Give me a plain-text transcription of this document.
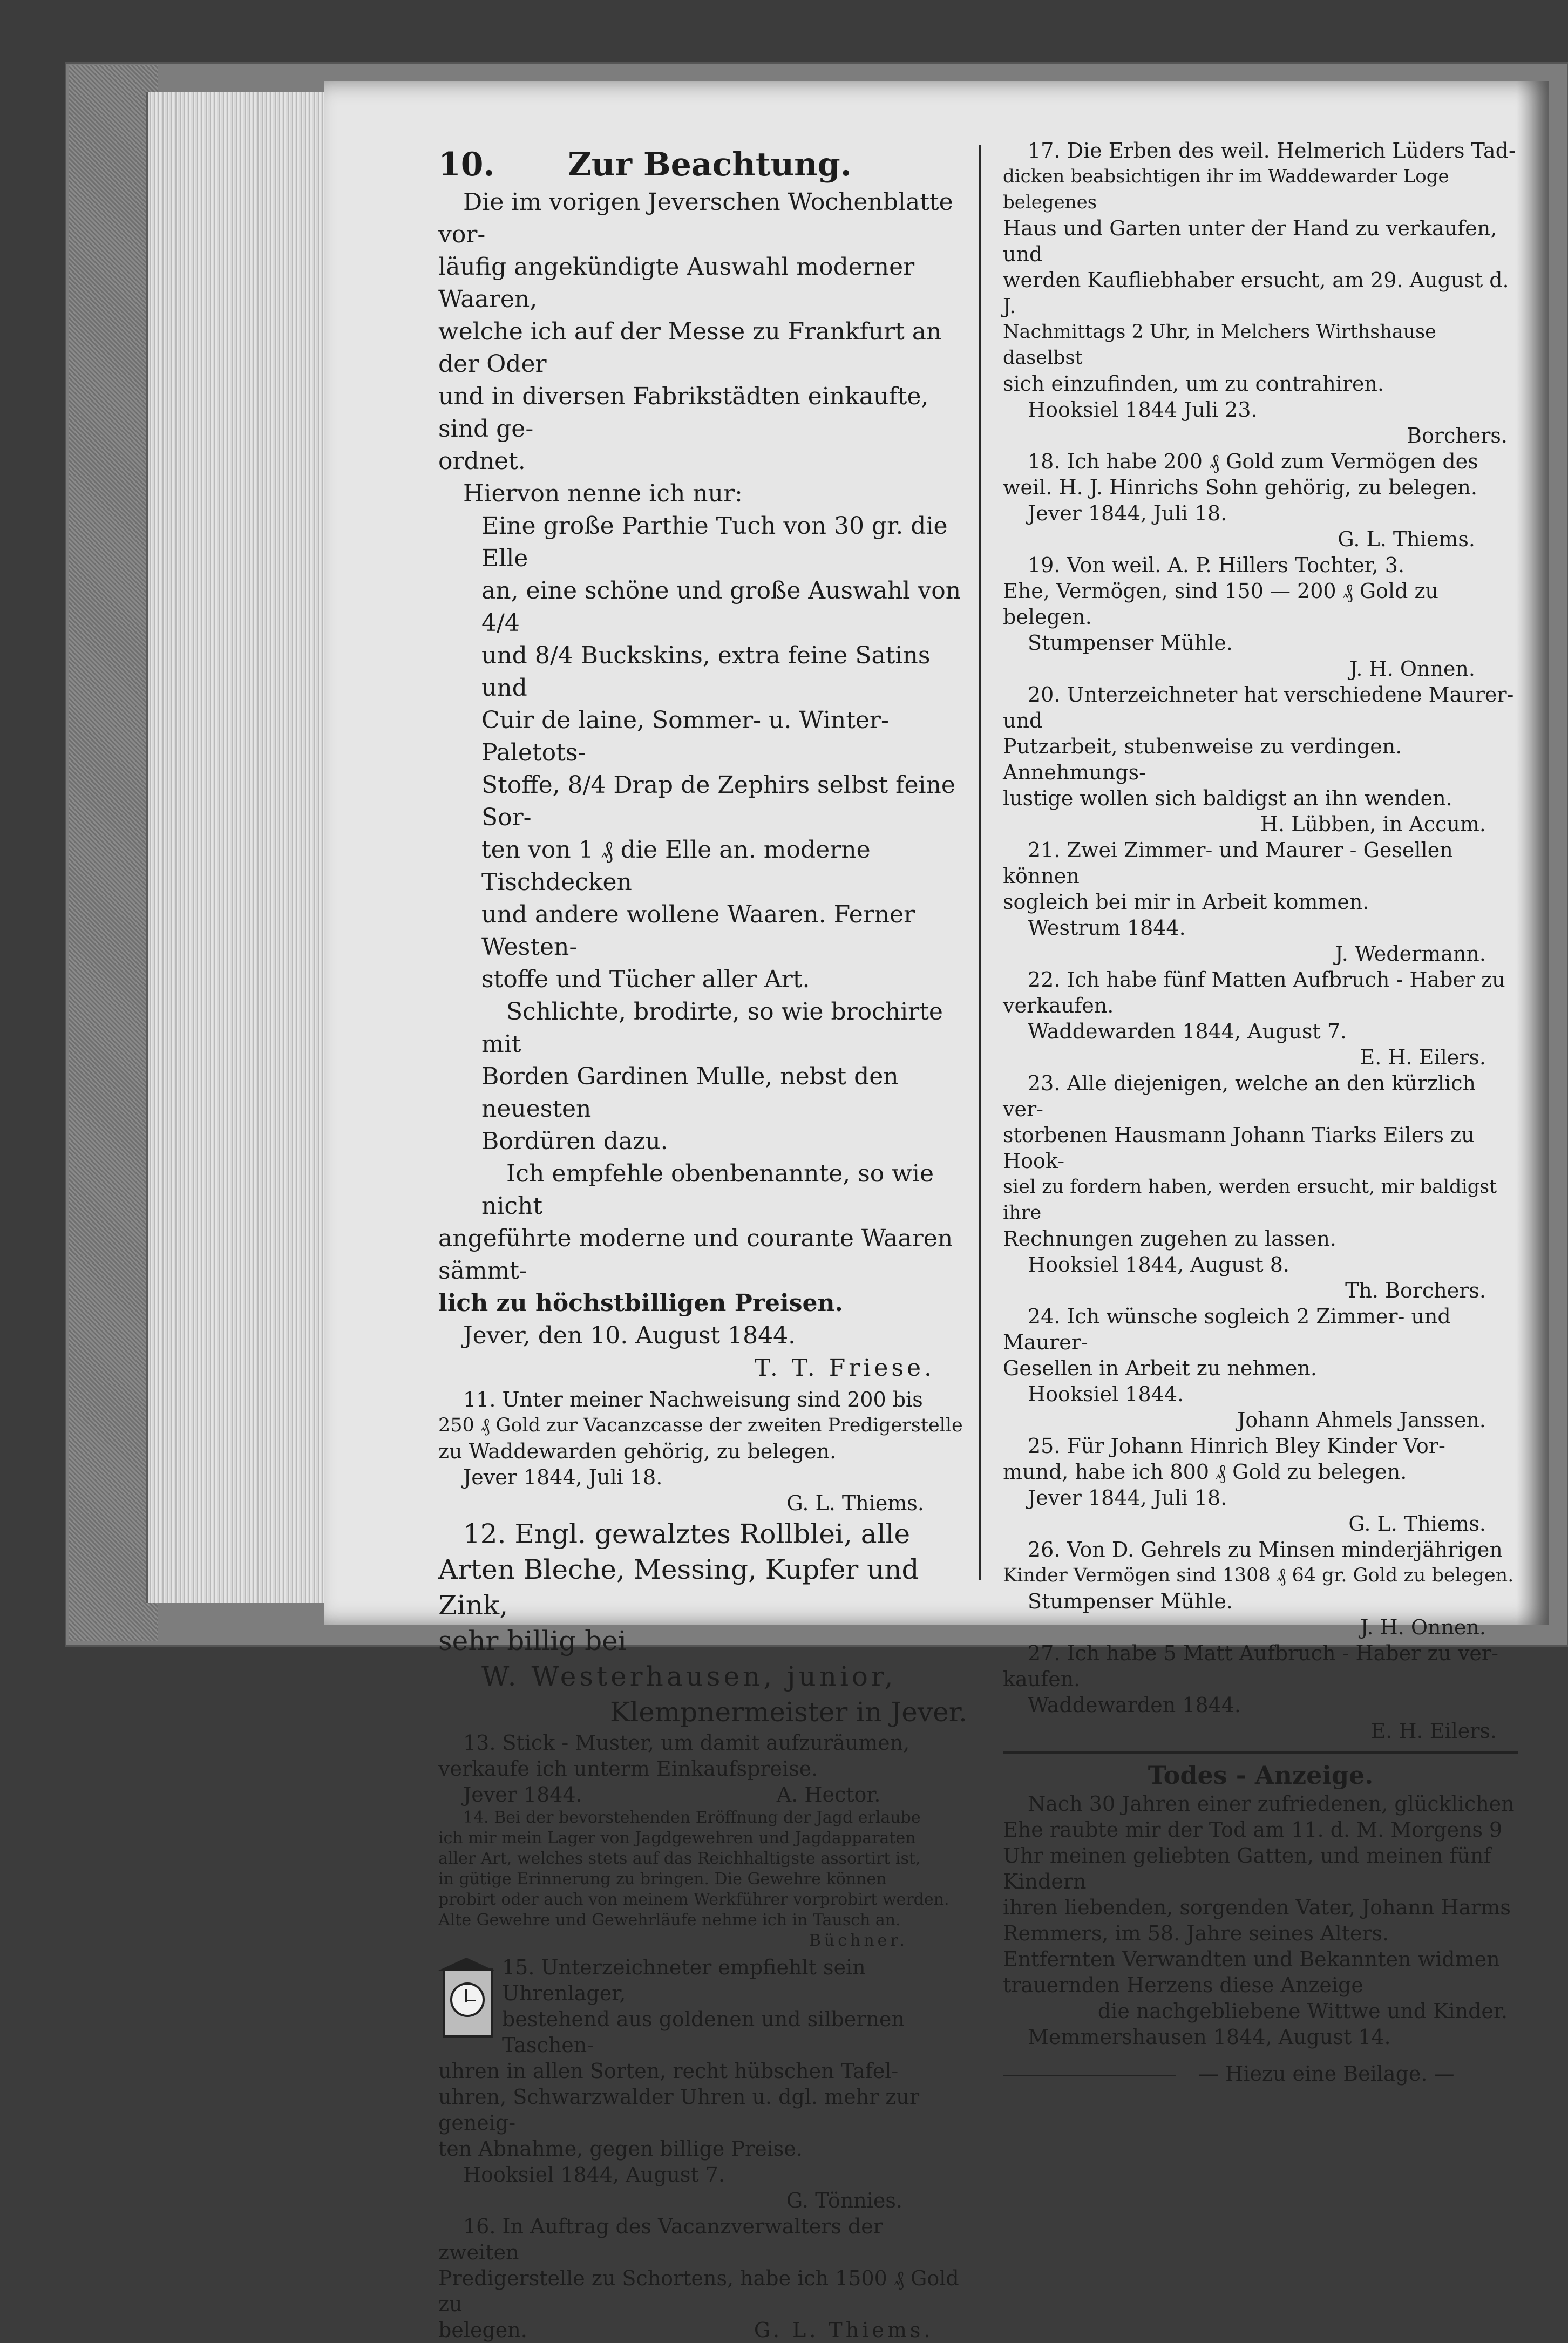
10. Zur Beachtung.

Die im vorigen Jeverschen Wochenblatte vor-

läufig angekündigte Auswahl moderner Waaren,

welche ich auf der Messe zu Frankfurt an der Oder

und in diversen Fabrikstädten einkaufte, sind ge-

ordnet.

Hiervon nenne ich nur:

Eine große Parthie Tuch von 30 gr. die Elle

an, eine schöne und große Auswahl von 4/4

und 8/4 Buckskins, extra feine Satins und

Cuir de laine, Sommer- u. Winter-Paletots-

Stoffe, 8/4 Drap de Zephirs selbst feine Sor-

ten von 1 ₰ die Elle an. moderne Tischdecken

und andere wollene Waaren. Ferner Westen-

stoffe und Tücher aller Art.

Schlichte, brodirte, so wie brochirte mit

Borden Gardinen Mulle, nebst den neuesten

Bordüren dazu.

Ich empfehle obenbenannte, so wie nicht

angeführte moderne und courante Waaren sämmt-

lich zu höchstbilligen Preisen.

Jever, den 10. August 1844.

T. T. Friese.

11. Unter meiner Nachweisung sind 200 bis

250 ₰ Gold zur Vacanzcasse der zweiten Predigerstelle

zu Waddewarden gehörig, zu belegen.

Jever 1844, Juli 18.

G. L. Thiems.

12. Engl. gewalztes Rollblei, alle

Arten Bleche, Messing, Kupfer und Zink,

sehr billig bei

W. Westerhausen, junior,

Klempnermeister in Jever.

13. Stick - Muster, um damit aufzuräumen,

verkaufe ich unterm Einkaufspreise.

Jever 1844.	A. Hector.

14. Bei der bevorstehenden Eröffnung der Jagd erlaube

ich mir mein Lager von Jagdgewehren und Jagdapparaten

aller Art, welches stets auf das Reichhaltigste assortirt ist,

in gütige Erinnerung zu bringen. Die Gewehre können

probirt oder auch von meinem Werkführer vorprobirt werden.

Alte Gewehre und Gewehrläufe nehme ich in Tausch an.

Büchner.

15. Unterzeichneter empfiehlt sein Uhrenlager,

bestehend aus goldenen und silbernen Taschen-

uhren in allen Sorten, recht hübschen Tafel-

uhren, Schwarzwalder Uhren u. dgl. mehr zur geneig-

ten Abnahme, gegen billige Preise.

Hooksiel 1844, August 7.

G. Tönnies.

16. In Auftrag des Vacanzverwalters der zweiten

Predigerstelle zu Schortens, habe ich 1500 ₰ Gold zu

belegen.	G. L. Thiems.

17. Die Erben des weil. Helmerich Lüders Tad-

dicken beabsichtigen ihr im Waddewarder Loge belegenes

Haus und Garten unter der Hand zu verkaufen, und

werden Kaufliebhaber ersucht, am 29. August d. J.

Nachmittags 2 Uhr, in Melchers Wirthshause daselbst

sich einzufinden, um zu contrahiren.

Hooksiel 1844 Juli 23.

Borchers.

18. Ich habe 200 ₰ Gold zum Vermögen des

weil. H. J. Hinrichs Sohn gehörig, zu belegen.

Jever 1844, Juli 18.

G. L. Thiems.

19. Von weil. A. P. Hillers Tochter, 3.

Ehe, Vermögen, sind 150 — 200 ₰ Gold zu belegen.

Stumpenser Mühle.

J. H. Onnen.

20. Unterzeichneter hat verschiedene Maurer- und

Putzarbeit, stubenweise zu verdingen. Annehmungs-

lustige wollen sich baldigst an ihn wenden.

H. Lübben, in Accum.

21. Zwei Zimmer- und Maurer - Gesellen können

sogleich bei mir in Arbeit kommen.

Westrum 1844.

J. Wedermann.

22. Ich habe fünf Matten Aufbruch - Haber zu

verkaufen.

Waddewarden 1844, August 7.

E. H. Eilers.

23. Alle diejenigen, welche an den kürzlich ver-

storbenen Hausmann Johann Tiarks Eilers zu Hook-

siel zu fordern haben, werden ersucht, mir baldigst ihre

Rechnungen zugehen zu lassen.

Hooksiel 1844, August 8.

Th. Borchers.

24. Ich wünsche sogleich 2 Zimmer- und Maurer-

Gesellen in Arbeit zu nehmen.

Hooksiel 1844.

Johann Ahmels Janssen.

25. Für Johann Hinrich Bley Kinder Vor-

mund, habe ich 800 ₰ Gold zu belegen.

Jever 1844, Juli 18.

G. L. Thiems.

26. Von D. Gehrels zu Minsen minderjährigen

Kinder Vermögen sind 1308 ₰ 64 gr. Gold zu belegen.

Stumpenser Mühle.

J. H. Onnen.

27. Ich habe 5 Matt Aufbruch - Haber zu ver-

kaufen.

Waddewarden 1844.

E. H. Eilers.

Todes - Anzeige.

Nach 30 Jahren einer zufriedenen, glücklichen

Ehe raubte mir der Tod am 11. d. M. Morgens 9

Uhr meinen geliebten Gatten, und meinen fünf Kindern

ihren liebenden, sorgenden Vater, Johann Harms

Remmers, im 58. Jahre seines Alters.

Entfernten Verwandten und Bekannten widmen

trauernden Herzens diese Anzeige

die nachgebliebene Wittwe und Kinder.

Memmershausen 1844, August 14.

— Hiezu eine Beilage. —
